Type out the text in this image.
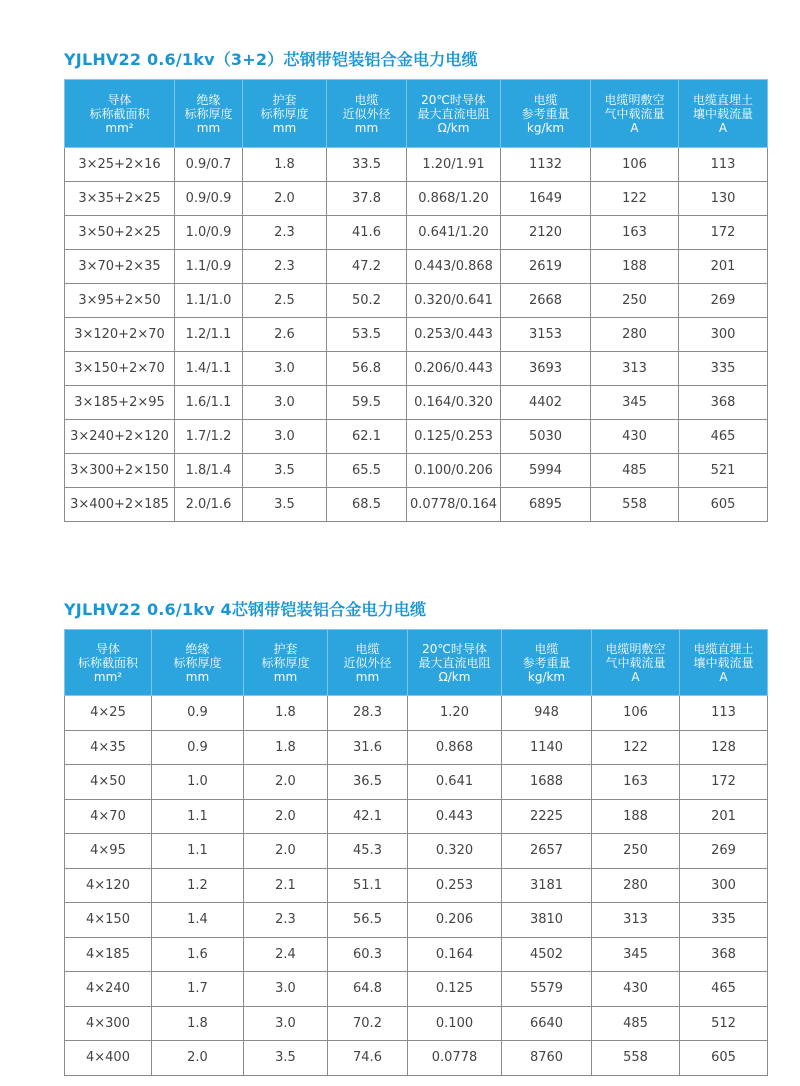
YJLHV22 0.6/1kv（3+2）芯钢带铠装铝合金电力电缆
导体
标称截面积
mm²	绝缘
标称厚度
mm	护套
标称厚度
mm	电缆
近似外径
mm	20℃时导体
最大直流电阻
Ω/km	电缆
参考重量
kg/km	电缆明敷空
气中载流量
A	电缆直埋土
壤中载流量
A

3×25+2×16	0.9/0.7	1.8	33.5	1.20/1.91	1132	106	113
3×35+2×25	0.9/0.9	2.0	37.8	0.868/1.20	1649	122	130
3×50+2×25	1.0/0.9	2.3	41.6	0.641/1.20	2120	163	172
3×70+2×35	1.1/0.9	2.3	47.2	0.443/0.868	2619	188	201
3×95+2×50	1.1/1.0	2.5	50.2	0.320/0.641	2668	250	269
3×120+2×70	1.2/1.1	2.6	53.5	0.253/0.443	3153	280	300
3×150+2×70	1.4/1.1	3.0	56.8	0.206/0.443	3693	313	335
3×185+2×95	1.6/1.1	3.0	59.5	0.164/0.320	4402	345	368
3×240+2×120	1.7/1.2	3.0	62.1	0.125/0.253	5030	430	465
3×300+2×150	1.8/1.4	3.5	65.5	0.100/0.206	5994	485	521
3×400+2×185	2.0/1.6	3.5	68.5	0.0778/0.164	6895	558	605
YJLHV22 0.6/1kv 4芯钢带铠装铝合金电力电缆
导体
标称截面积
mm²	绝缘
标称厚度
mm	护套
标称厚度
mm	电缆
近似外径
mm	20℃时导体
最大直流电阻
Ω/km	电缆
参考重量
kg/km	电缆明敷空
气中载流量
A	电缆直埋土
壤中载流量
A

4×25	0.9	1.8	28.3	1.20	948	106	113
4×35	0.9	1.8	31.6	0.868	1140	122	128
4×50	1.0	2.0	36.5	0.641	1688	163	172
4×70	1.1	2.0	42.1	0.443	2225	188	201
4×95	1.1	2.0	45.3	0.320	2657	250	269
4×120	1.2	2.1	51.1	0.253	3181	280	300
4×150	1.4	2.3	56.5	0.206	3810	313	335
4×185	1.6	2.4	60.3	0.164	4502	345	368
4×240	1.7	3.0	64.8	0.125	5579	430	465
4×300	1.8	3.0	70.2	0.100	6640	485	512
4×400	2.0	3.5	74.6	0.0778	8760	558	605
